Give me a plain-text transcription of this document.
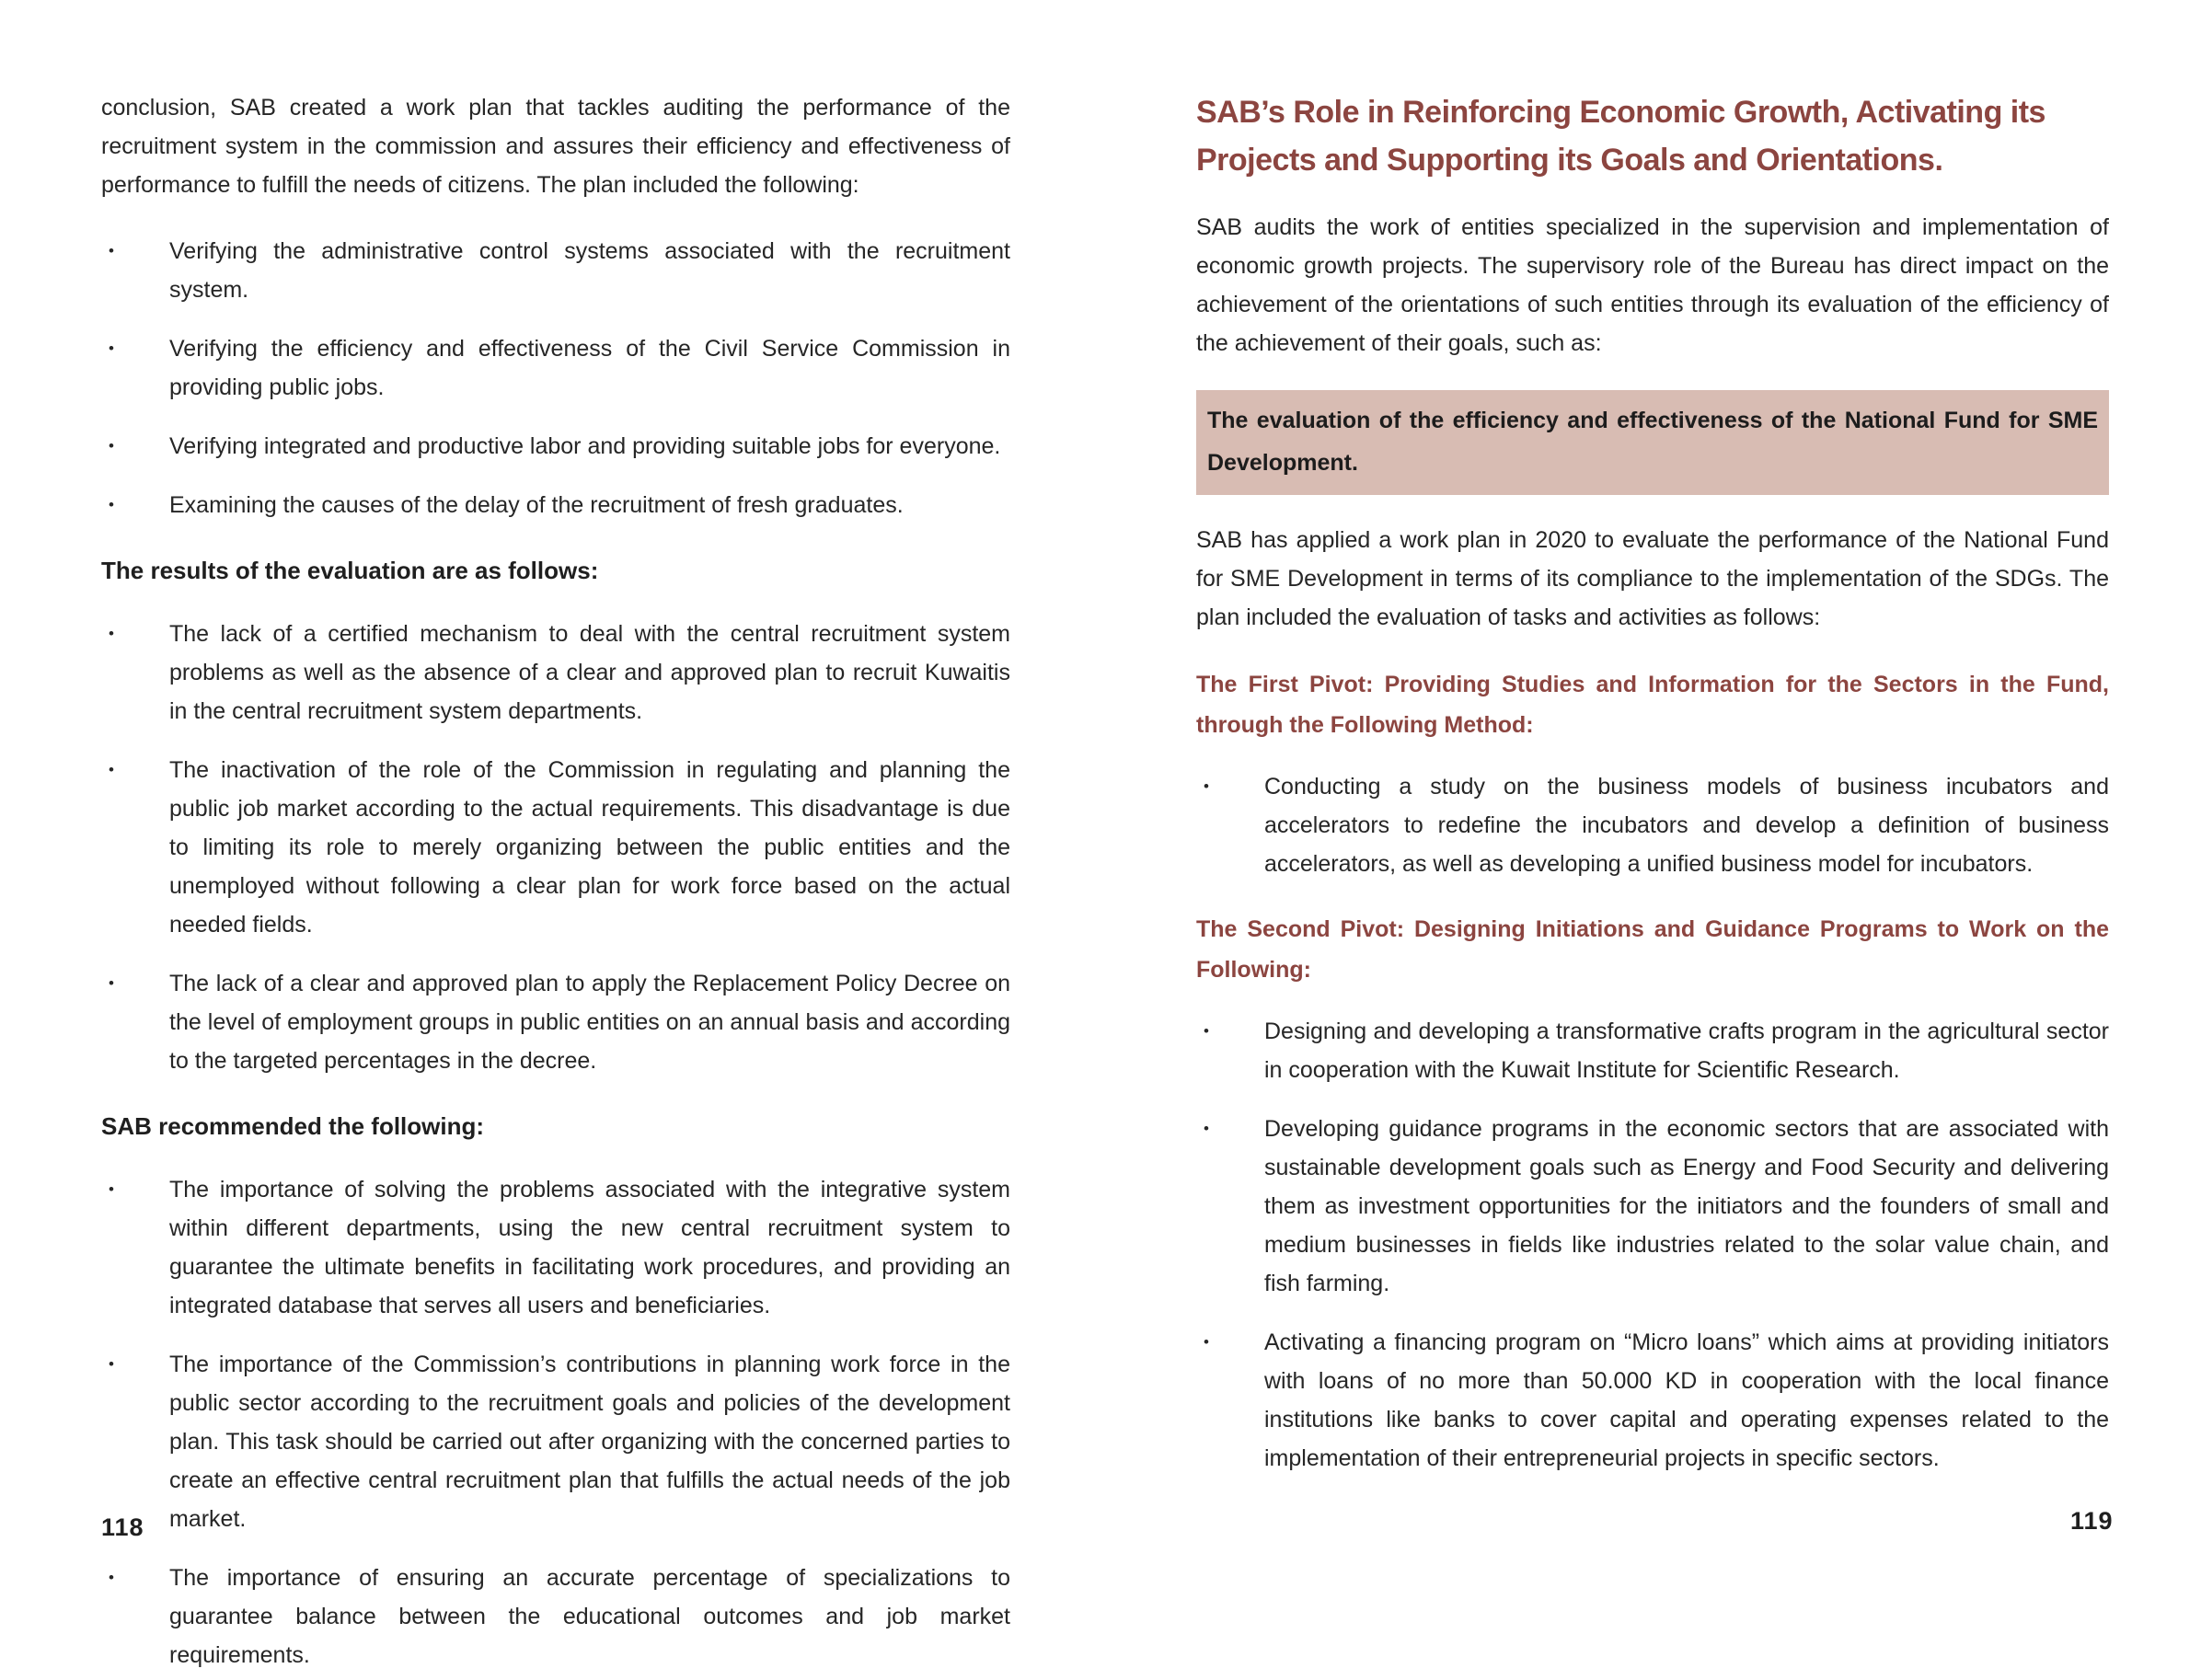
conclusion, SAB created a work plan that tackles auditing the performance of the recruitment system in the commission and assures their efficiency and effectiveness of performance to fulfill the needs of citizens. The plan included the following:

•	Verifying the administrative control systems associated with the recruitment system.

•	Verifying the efficiency and effectiveness of the Civil Service Commission in providing public jobs.

•	Verifying integrated and productive labor and providing suitable jobs for everyone.

•	Examining the causes of the delay of the recruitment of fresh graduates.

The results of the evaluation are as follows:
•	The lack of a certified mechanism to deal with the central recruitment system problems as well as the absence of a clear and approved plan to recruit Kuwaitis in the central recruitment system departments.

•	The inactivation of the role of the Commission in regulating and planning the public job market according to the actual requirements. This disadvantage is due to limiting its role to merely organizing between the public entities and the unemployed without following a clear plan for work force based on the actual needed fields.

•	The lack of a clear and approved plan to apply the Replacement Policy Decree on the level of employment groups in public entities on an annual basis and according to the targeted percentages in the decree.

SAB recommended the following:
•	The importance of solving the problems associated with the integrative system within different departments, using the new central recruitment system to guarantee the ultimate benefits in facilitating work procedures, and providing an integrated database that serves all users and beneficiaries.

•	The importance of the Commission’s contributions in planning work force in the public sector according to the recruitment goals and policies of the development plan. This task should be carried out after organizing with the concerned parties to create an effective central recruitment plan that fulfills the actual needs of the job market.

•	The importance of ensuring an accurate percentage of specializations to guarantee balance between the educational outcomes and job market requirements.

SAB’s Role in Reinforcing Economic Growth, Activating its Projects and Supporting its Goals and Orientations.

SAB audits the work of entities specialized in the supervision and implementation of economic growth projects. The supervisory role of the Bureau has direct impact on the achievement of the orientations of such entities through its evaluation of the efficiency of the achievement of their goals, such as:

The evaluation of the efficiency and effectiveness of the National Fund for SME Development.

SAB has applied a work plan in 2020 to evaluate the performance of the National Fund for SME Development in terms of its compliance to the implementation of the SDGs. The plan included the evaluation of tasks and activities as follows:

The First Pivot: Providing Studies and Information for the Sectors in the Fund, through the Following Method:
•	Conducting a study on the business models of business incubators and accelerators to redefine the incubators and develop a definition of business accelerators, as well as developing a unified business model for incubators.

The Second Pivot: Designing Initiations and Guidance Programs to Work on the Following:
•	Designing and developing a transformative crafts program in the agricultural sector in cooperation with the Kuwait Institute for Scientific Research.

•	Developing guidance programs in the economic sectors that are associated with sustainable development goals such as Energy and Food Security and delivering them as investment opportunities for the initiators and the founders of small and medium businesses in fields like industries related to the solar value chain, and fish farming.

•	Activating a financing program on “Micro loans” which aims at providing initiators with loans of no more than 50.000 KD in cooperation with the local finance institutions like banks to cover capital and operating expenses related to the implementation of their entrepreneurial projects in specific sectors.

118	119
